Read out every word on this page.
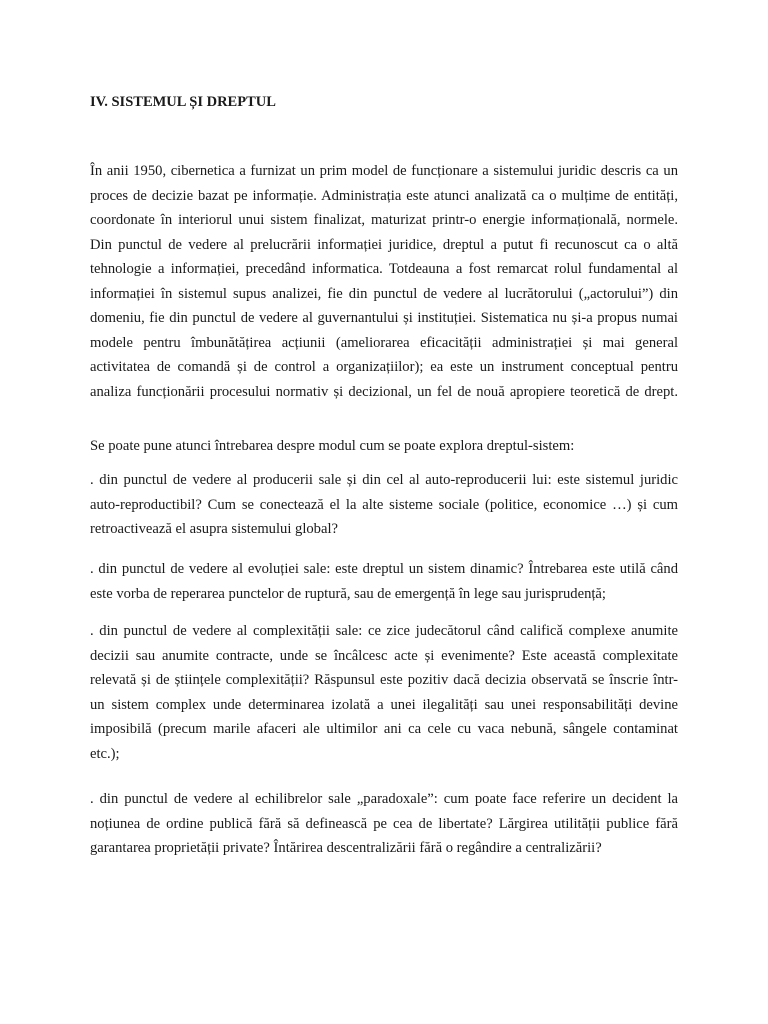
IV. SISTEMUL ȘI DREPTUL
În anii 1950, cibernetica a furnizat un prim model de funcționare a sistemului juridic descris ca un
proces de decizie bazat pe informație. Administrația este atunci analizată ca o mulțime de entități,
coordonate în interiorul unui sistem finalizat, maturizat printr-o energie informațională, normele.
Din punctul de vedere al prelucrării informației juridice, dreptul a putut fi recunoscut ca o altă
tehnologie a informației, precedând informatica. Totdeauna a fost remarcat rolul fundamental al
informației în sistemul supus analizei, fie din punctul de vedere al lucrătorului („actorului”) din
domeniu, fie din punctul de vedere al guvernantului și instituției. Sistematica nu și-a propus numai
modele pentru îmbunătățirea acțiunii (ameliorarea eficacității administrației și mai general
activitatea de comandă și de control a organizațiilor); ea este un instrument conceptual pentru
analiza funcționării procesului normativ și decizional, un fel de nouă apropiere teoretică de drept.
Se poate pune atunci întrebarea despre modul cum se poate explora dreptul-sistem:
. din punctul de vedere al producerii sale și din cel al auto-reproducerii lui: este sistemul juridic
auto-reproductibil? Cum se conectează el la alte sisteme sociale (politice, economice …) și cum
retroactivează el asupra sistemului global?
. din punctul de vedere al evoluției sale: este dreptul un sistem dinamic? Întrebarea este utilă când
este vorba de reperarea punctelor de ruptură, sau de emergență în lege sau jurisprudență;
. din punctul de vedere al complexității sale: ce zice judecătorul când calificǎ complexe anumite
decizii sau anumite contracte, unde se încâlcesc acte și evenimente? Este această complexitate
relevată și de științele complexității? Răspunsul este pozitiv dacă decizia observată se înscrie într-
un sistem complex unde determinarea izolată a unei ilegalități sau unei responsabilități devine
imposibilă (precum marile afaceri ale ultimilor ani ca cele cu vaca nebună, sângele contaminat
etc.);
. din punctul de vedere al echilibrelor sale „paradoxale”: cum poate face referire un decident la
noțiunea de ordine publică fără să definească pe cea de libertate? Lărgirea utilității publice fără
garantarea proprietății private? Întărirea descentralizării fără o regândire a centralizării?
